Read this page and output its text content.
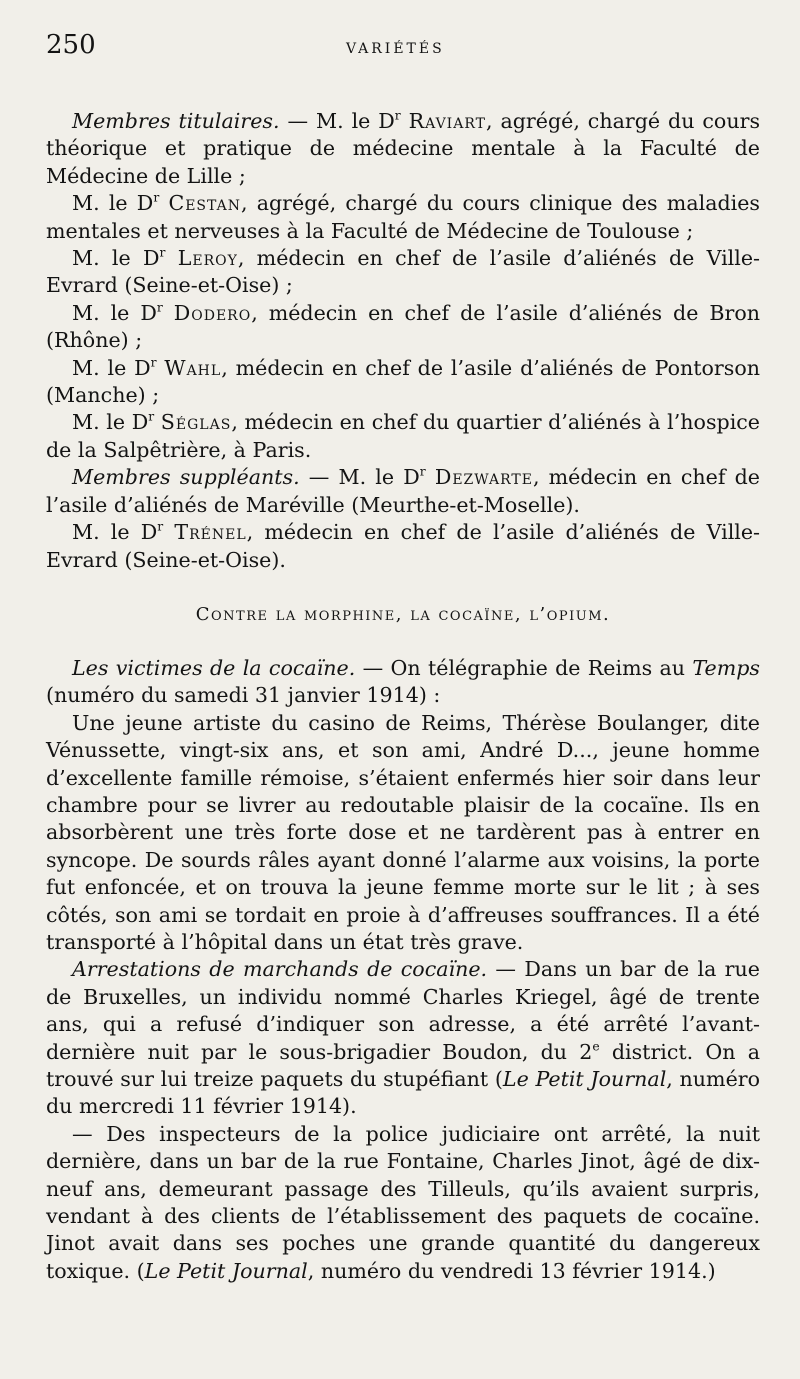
250	VARIÉTÉS

Membres titulaires. — M. le $D^r$ Raviart, agrégé, chargé du cours théorique et pratique de médecine mentale à la Faculté de Médecine de Lille ;

M. le $D^r$ Cestan, agrégé, chargé du cours clinique des maladies mentales et nerveuses à la Faculté de Médecine de Toulouse ;

M. le $D^r$ Leroy, médecin en chef de l’asile d’aliénés de Ville-Evrard (Seine-et-Oise) ;

M. le $D^r$ Dodero, médecin en chef de l’asile d’aliénés de Bron (Rhône) ;

M. le $D^r$ Wahl, médecin en chef de l’asile d’aliénés de Pontorson (Manche) ;

M. le $D^r$ Séglas, médecin en chef du quartier d’aliénés à l’hospice de la Salpêtrière, à Paris.

Membres suppléants. — M. le $D^r$ Dezwarte, médecin en chef de l’asile d’aliénés de Maréville (Meurthe-et-Moselle).

M. le $D^r$ Trénel, médecin en chef de l’asile d’aliénés de Ville-Evrard (Seine-et-Oise).

Contre la morphine, la cocaïne, l’opium.

Les victimes de la cocaïne. — On télégraphie de Reims au Temps (numéro du samedi 31 janvier 1914) :

Une jeune artiste du casino de Reims, Thérèse Boulanger, dite Vénussette, vingt-six ans, et son ami, André D..., jeune homme d’excellente famille rémoise, s’étaient enfermés hier soir dans leur chambre pour se livrer au redoutable plaisir de la cocaïne. Ils en absorbèrent une très forte dose et ne tardèrent pas à entrer en syncope. De sourds râles ayant donné l’alarme aux voisins, la porte fut enfoncée, et on trouva la jeune femme morte sur le lit ; à ses côtés, son ami se tordait en proie à d’affreuses souffrances. Il a été transporté à l’hôpital dans un état très grave.

Arrestations de marchands de cocaïne. — Dans un bar de la rue de Bruxelles, un individu nommé Charles Kriegel, âgé de trente ans, qui a refusé d’indiquer son adresse, a été arrêté l’avant-dernière nuit par le sous-brigadier Boudon, du 2e district. On a trouvé sur lui treize paquets du stupéfiant (Le Petit Journal, numéro du mercredi 11 février 1914).

— Des inspecteurs de la police judiciaire ont arrêté, la nuit dernière, dans un bar de la rue Fontaine, Charles Jinot, âgé de dix-neuf ans, demeurant passage des Tilleuls, qu’ils avaient surpris, vendant à des clients de l’établissement des paquets de cocaïne. Jinot avait dans ses poches une grande quantité du dangereux toxique. (Le Petit Journal, numéro du vendredi 13 février 1914.)
